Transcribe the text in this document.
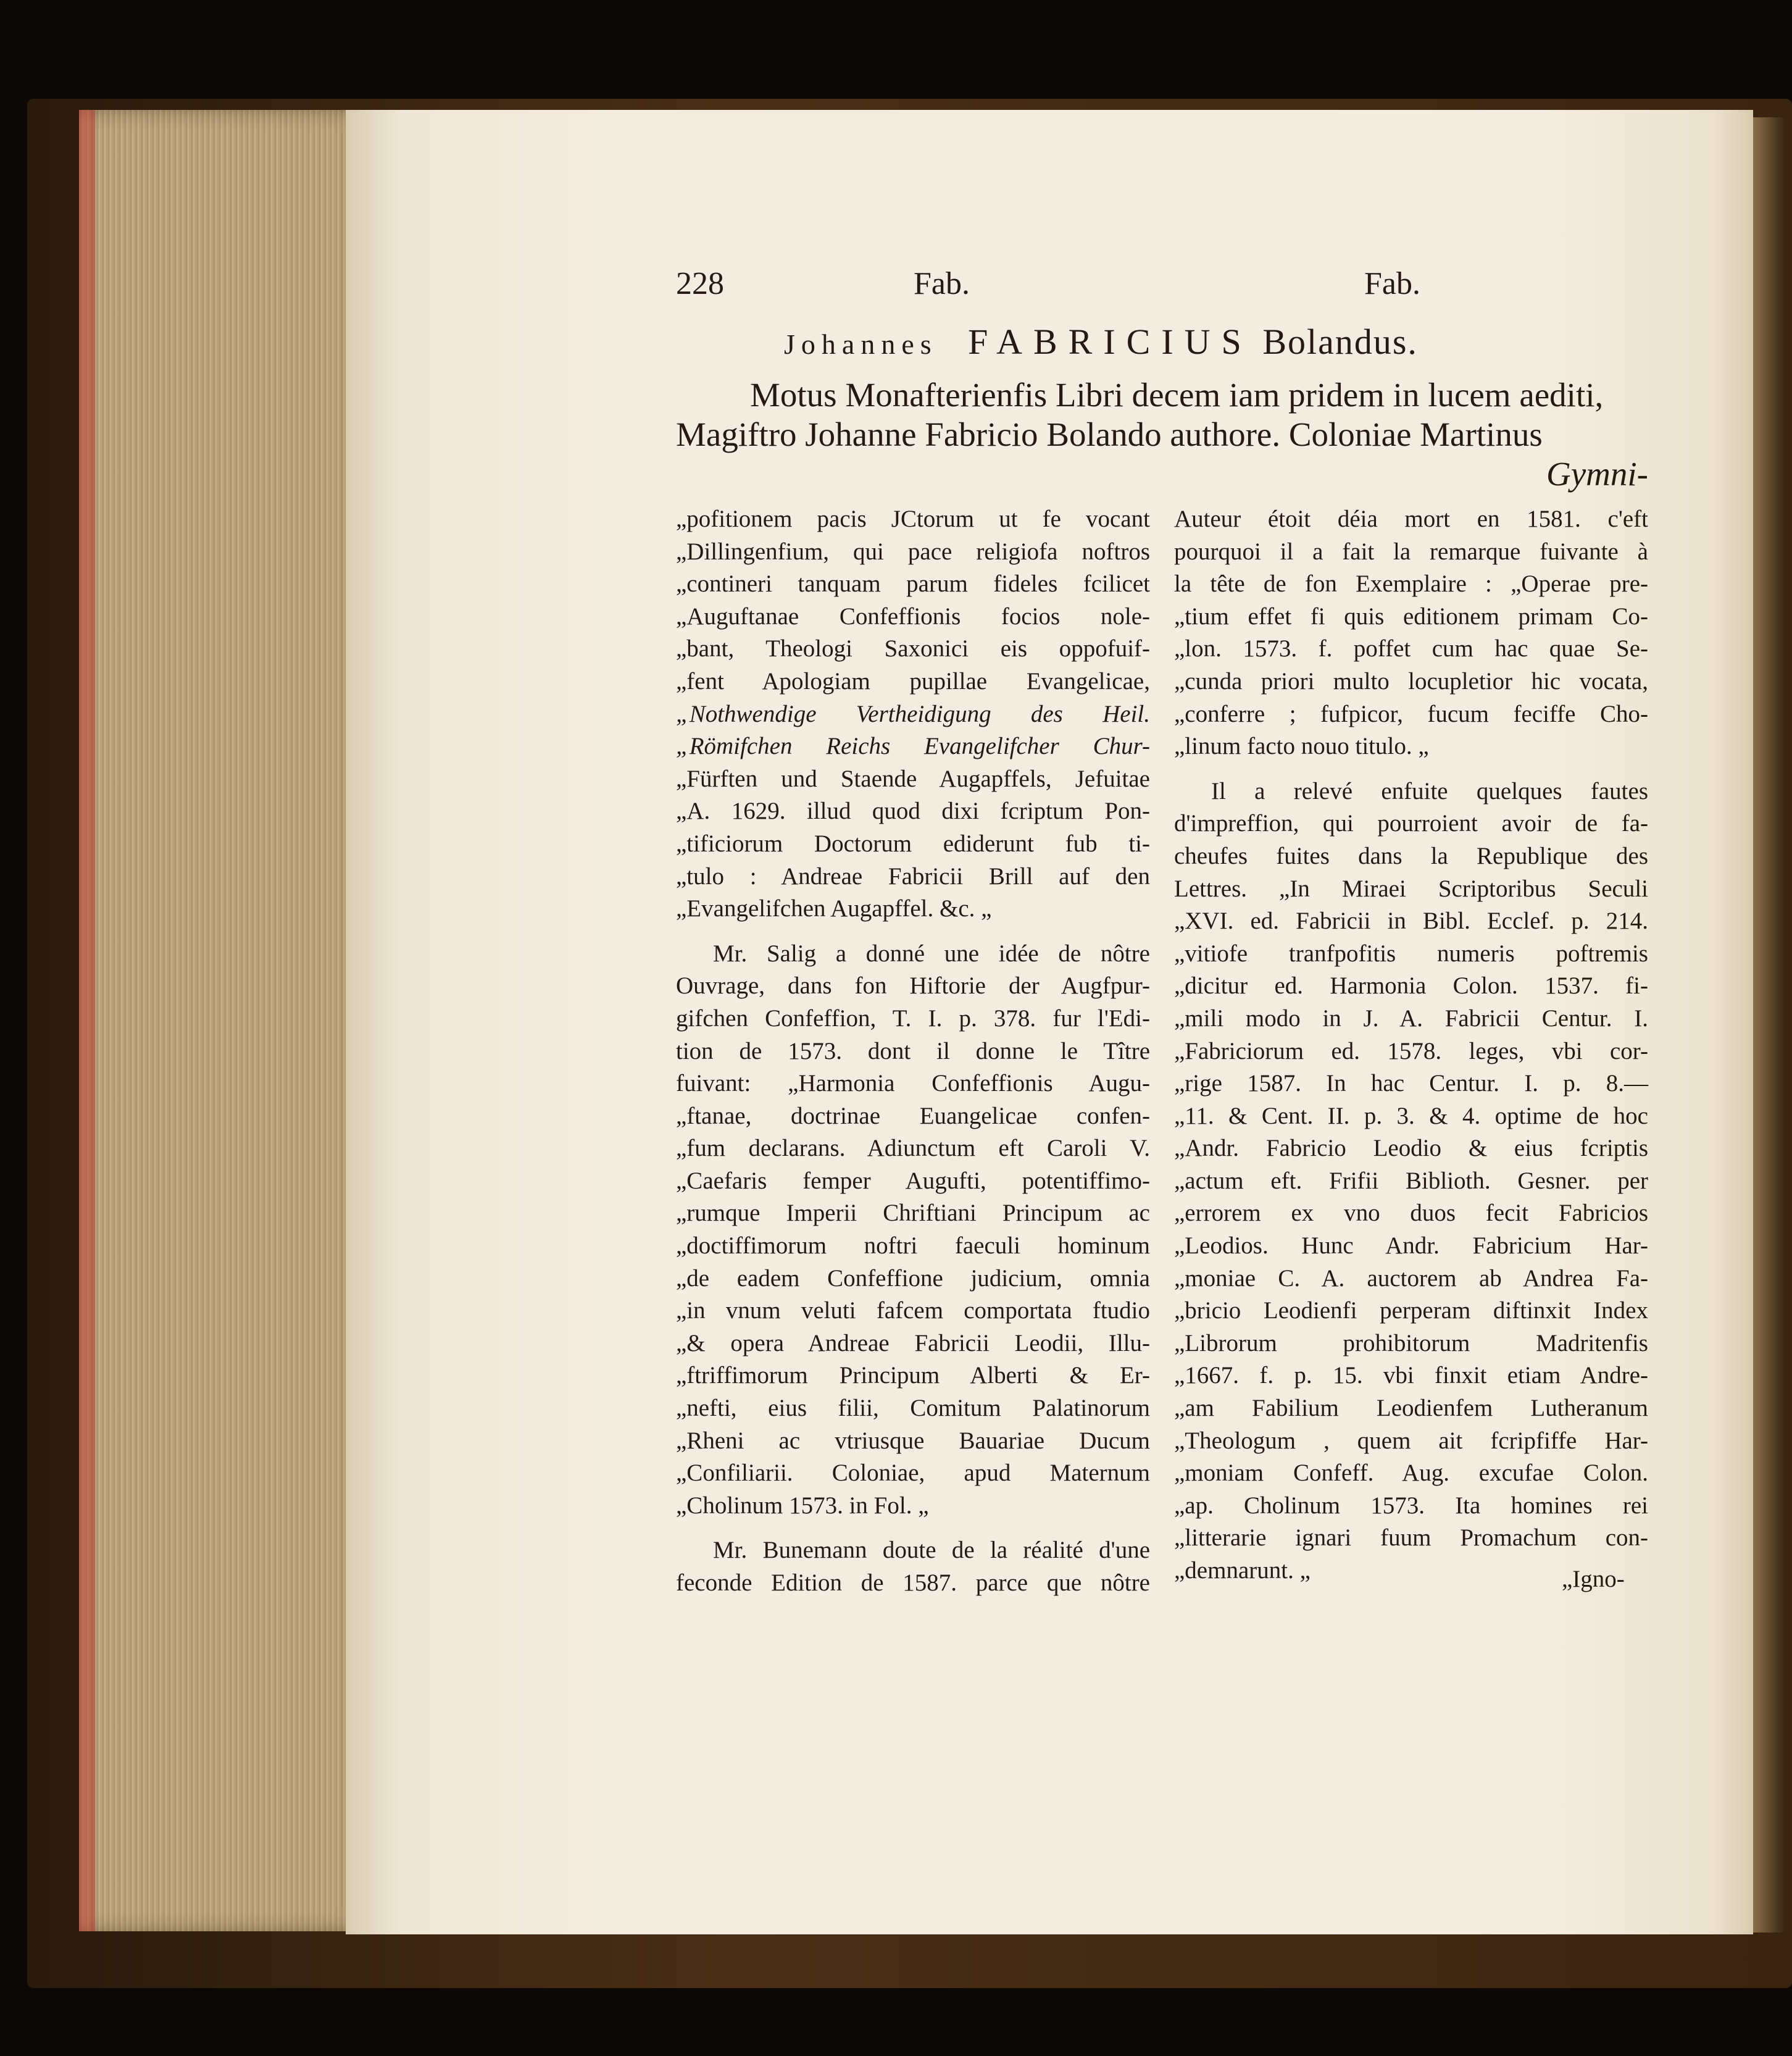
228	Fab.	Fab.
Johannes FABRICIUS Bolandus.
Motus Monafterienfis Libri decem iam pridem in lucem aediti,
Magiftro Johanne Fabricio Bolando authore. Coloniae Martinus
Gymni-
„pofitionem pacis JCtorum ut fe vocant
„Dillingenfium, qui pace religiofa noftros
„contineri tanquam parum fideles fcilicet
„Auguftanae Confeffionis focios nole-
„bant, Theologi Saxonici eis oppofuif-
„fent Apologiam pupillae Evangelicae,
„Nothwendige Vertheidigung des Heil.
„Römifchen Reichs Evangelifcher Chur-
„Fürften und Staende Augapffels, Jefuitae
„A. 1629. illud quod dixi fcriptum Pon-
„tificiorum Doctorum ediderunt fub ti-
„tulo : Andreae Fabricii Brill auf den
„Evangelifchen Augapffel. &c. „
Mr. Salig a donné une idée de nôtre
Ouvrage, dans fon Hiftorie der Augfpur-
gifchen Confeffion, T. I. p. 378. fur l'Edi-
tion de 1573. dont il donne le Tître
fuivant: „Harmonia Confeffionis Augu-
„ftanae, doctrinae Euangelicae confen-
„fum declarans. Adiunctum eft Caroli V.
„Caefaris femper Augufti, potentiffimo-
„rumque Imperii Chriftiani Principum ac
„doctiffimorum noftri faeculi hominum
„de eadem Confeffione judicium, omnia
„in vnum veluti fafcem comportata ftudio
„& opera Andreae Fabricii Leodii, Illu-
„ftriffimorum Principum Alberti & Er-
„nefti, eius filii, Comitum Palatinorum
„Rheni ac vtriusque Bauariae Ducum
„Confiliarii. Coloniae, apud Maternum
„Cholinum 1573. in Fol. „
Mr. Bunemann doute de la réalité d'une
feconde Edition de 1587. parce que nôtre
Auteur étoit déia mort en 1581. c'eft
pourquoi il a fait la remarque fuivante à
la tête de fon Exemplaire : „Operae pre-
„tium effet fi quis editionem primam Co-
„lon. 1573. f. poffet cum hac quae Se-
„cunda priori multo locupletior hic vocata,
„conferre ; fufpicor, fucum feciffe Cho-
„linum facto nouo titulo. „
Il a relevé enfuite quelques fautes
d'impreffion, qui pourroient avoir de fa-
cheufes fuites dans la Republique des
Lettres. „In Miraei Scriptoribus Seculi
„XVI. ed. Fabricii in Bibl. Ecclef. p. 214.
„vitiofe tranfpofitis numeris poftremis
„dicitur ed. Harmonia Colon. 1537. fi-
„mili modo in J. A. Fabricii Centur. I.
„Fabriciorum ed. 1578. leges, vbi cor-
„rige 1587. In hac Centur. I. p. 8.—
„11. & Cent. II. p. 3. & 4. optime de hoc
„Andr. Fabricio Leodio & eius fcriptis
„actum eft. Frifii Biblioth. Gesner. per
„errorem ex vno duos fecit Fabricios
„Leodios. Hunc Andr. Fabricium Har-
„moniae C. A. auctorem ab Andrea Fa-
„bricio Leodienfi perperam diftinxit Index
„Librorum prohibitorum Madritenfis
„1667. f. p. 15. vbi finxit etiam Andre-
„am Fabilium Leodienfem Lutheranum
„Theologum , quem ait fcripfiffe Har-
„moniam Confeff. Aug. excufae Colon.
„ap. Cholinum 1573. Ita homines rei
„litterarie ignari fuum Promachum con-
„demnarunt. „	„Igno-
